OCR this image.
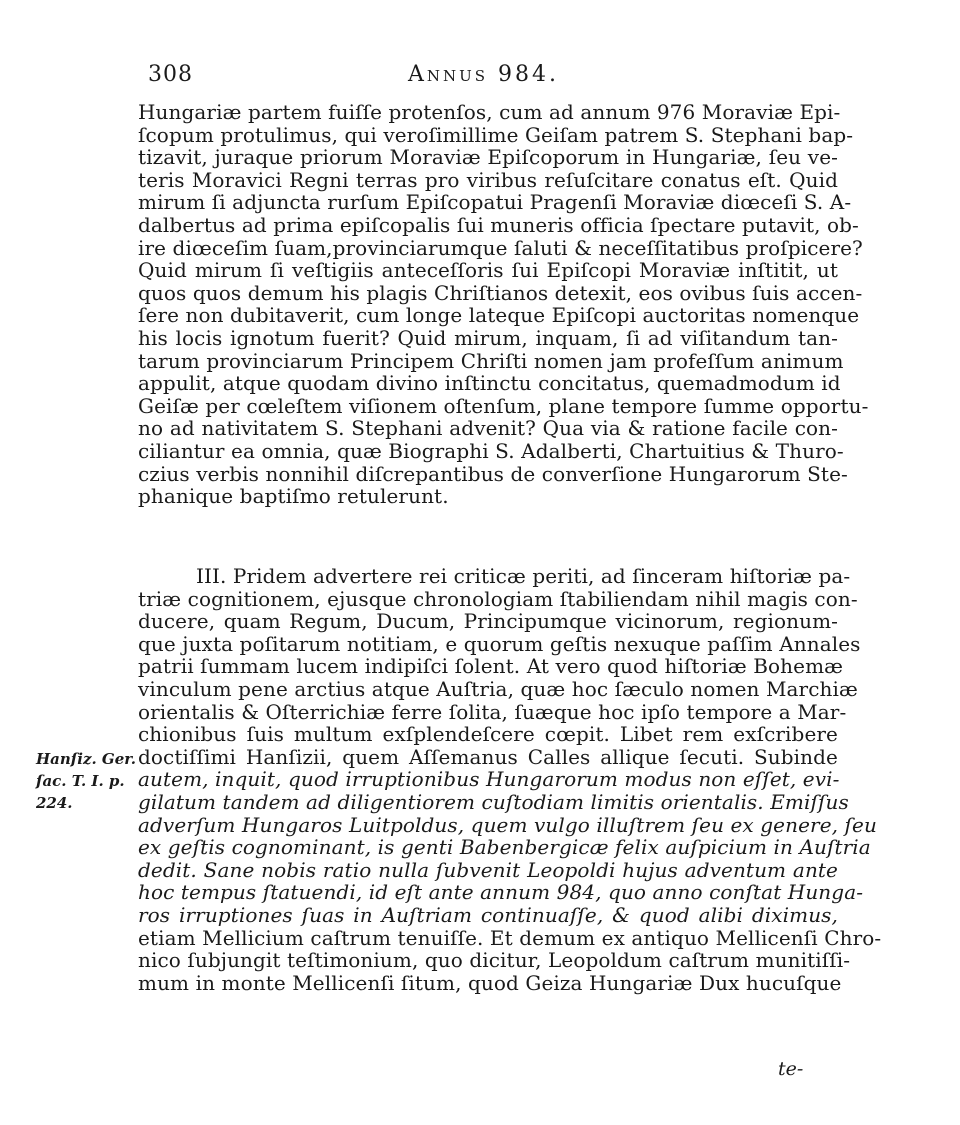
308	Annus 984.
Hungariæ partem fuiſſe protenſos, cum ad annum 976 Moraviæ Epi-
ſcopum protulimus, qui veroſimillime Geiſam patrem S. Stephani bap-
tizavit, juraque priorum Moraviæ Epiſcoporum in Hungariæ, ſeu ve-
teris Moravici Regni terras pro viribus reſuſcitare conatus eſt. Quid
mirum ſi adjuncta rurſum Epiſcopatui Pragenſi Moraviæ diœceſi S. A-
dalbertus ad prima epiſcopalis ſui muneris officia ſpectare putavit, ob-
ire diœceſim ſuam,provinciarumque ſaluti & neceſſitatibus proſpicere?
Quid mirum ſi veſtigiis anteceſſoris ſui Epiſcopi Moraviæ inſtitit, ut
quos quos demum his plagis Chriſtianos detexit, eos ovibus ſuis accen-
ſere non dubitaverit, cum longe lateque Epiſcopi auctoritas nomenque
his locis ignotum fuerit? Quid mirum, inquam, ſi ad viſitandum tan-
tarum provinciarum Principem Chriſti nomen jam profeſſum animum
appulit, atque quodam divino inſtinctu concitatus, quemadmodum id
Geiſæ per cœleſtem viſionem oſtenſum, plane tempore ſumme opportu-
no ad nativitatem S. Stephani advenit? Qua via & ratione facile con-
ciliantur ea omnia, quæ Biographi S. Adalberti, Chartuitius & Thuro-
czius verbis nonnihil diſcrepantibus de converſione Hungarorum Ste-
phanique baptiſmo retulerunt.
III. Pridem advertere rei criticæ periti, ad ſinceram hiſtoriæ pa-
triæ cognitionem, ejusque chronologiam ſtabiliendam nihil magis con-
ducere, quam Regum, Ducum, Principumque vicinorum, regionum-
que juxta poſitarum notitiam, e quorum geſtis nexuque paſſim Annales
patrii ſummam lucem indipiſci ſolent. At vero quod hiſtoriæ Bohemæ
vinculum pene arctius atque Auſtria, quæ hoc ſæculo nomen Marchiæ
orientalis & Oſterrichiæ ferre ſolita, ſuæque hoc ipſo tempore a Mar-
chionibus ſuis multum exſplendeſcere cœpit. Libet rem exſcribere
doctiſſimi Hanſizii, quem Aſſemanus Calles allique ſecuti. Subinde
autem, inquit, quod irruptionibus Hungarorum modus non eſſet, evi-
gilatum tandem ad diligentiorem cuſtodiam limitis orientalis. Emiſſus
adverſum Hungaros Luitpoldus, quem vulgo illuſtrem ſeu ex genere, ſeu
ex geſtis cognominant, is genti Babenbergicæ felix auſpicium in Auſtria
dedit. Sane nobis ratio nulla ſubvenit Leopoldi hujus adventum ante
hoc tempus ſtatuendi, id eſt ante annum 984, quo anno conſtat Hunga-
ros irruptiones ſuas in Auſtriam continuaſſe, & quod alibi diximus,
etiam Mellicium caſtrum tenuiſſe. Et demum ex antiquo Mellicenſi Chro-
nico ſubjungit teſtimonium, quo dicitur, Leopoldum caſtrum munitiſſi-
mum in monte Mellicenſi ſitum, quod Geiza Hungariæ Dux hucuſque
Hanſiz. Ger.
ſac. T. I. p.
224.
te-
